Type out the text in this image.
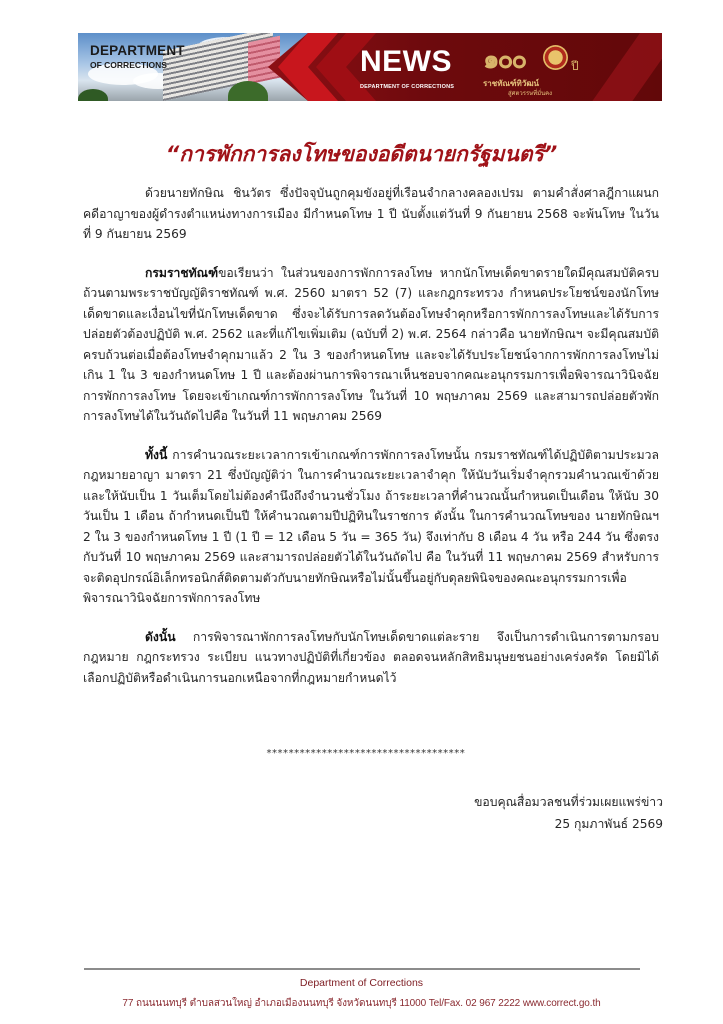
DEPARTMENT
OF CORRECTIONS	NEWS
DEPARTMENT OF CORRECTIONS
๑๐๐	ปี
ราชทัณฑ์ทิวัฒน์
สู่ศตวรรษที่มั่นคง
“การพักการลงโทษของอดีตนายกรัฐมนตรี”

ด้วยนายทักษิณ ชินวัตร ซึ่งปัจจุบันถูกคุมขังอยู่ที่เรือนจำกลางคลองเปรม ตามคำสั่งศาลฎีกาแผนกคดีอาญาของผู้ดำรงตำแหน่งทางการเมือง มีกำหนดโทษ 1 ปี นับตั้งแต่วันที่ 9 กันยายน 2568 จะพ้นโทษ ในวันที่ 9 กันยายน 2569

กรมราชทัณฑ์ขอเรียนว่า ในส่วนของการพักการลงโทษ หากนักโทษเด็ดขาดรายใดมีคุณสมบัติครบถ้วนตามพระราชบัญญัติราชทัณฑ์ พ.ศ. 2560 มาตรา 52 (7) และกฎกระทรวง กำหนดประโยชน์ของนักโทษเด็ดขาดและเงื่อนไขที่นักโทษเด็ดขาด ซึ่งจะได้รับการลดวันต้องโทษจำคุกหรือการพักการลงโทษและได้รับการปล่อยตัวต้องปฏิบัติ พ.ศ. 2562 และที่แก้ไขเพิ่มเติม (ฉบับที่ 2) พ.ศ. 2564 กล่าวคือ นายทักษิณฯ จะมีคุณสมบัติครบถ้วนต่อเมื่อต้องโทษจำคุกมาแล้ว 2 ใน 3 ของกำหนดโทษ และจะได้รับประโยชน์จากการพักการลงโทษไม่เกิน 1 ใน 3 ของกำหนดโทษ 1 ปี และต้องผ่านการพิจารณาเห็นชอบจากคณะอนุกรรมการเพื่อพิจารณาวินิจฉัยการพักการลงโทษ โดยจะเข้าเกณฑ์การพักการลงโทษ ในวันที่ 10 พฤษภาคม 2569 และสามารถปล่อยตัวพักการลงโทษได้ในวันถัดไปคือ ในวันที่ 11 พฤษภาคม 2569

ทั้งนี้ การคำนวณระยะเวลาการเข้าเกณฑ์การพักการลงโทษนั้น กรมราชทัณฑ์ได้ปฏิบัติตามประมวลกฎหมายอาญา มาตรา 21 ซึ่งบัญญัติว่า ในการคำนวณระยะเวลาจำคุก ให้นับวันเริ่มจำคุกรวมคำนวณเข้าด้วยและให้นับเป็น 1 วันเต็มโดยไม่ต้องคำนึงถึงจำนวนชั่วโมง ถ้าระยะเวลาที่คำนวณนั้นกำหนดเป็นเดือน ให้นับ 30 วันเป็น 1 เดือน ถ้ากำหนดเป็นปี ให้คำนวณตามปีปฏิทินในราชการ ดังนั้น ในการคำนวณโทษของ นายทักษิณฯ 2 ใน 3 ของกำหนดโทษ 1 ปี (1 ปี = 12 เดือน 5 วัน = 365 วัน) จึงเท่ากับ 8 เดือน 4 วัน หรือ 244 วัน ซึ่งตรงกับวันที่ 10 พฤษภาคม 2569 และสามารถปล่อยตัวได้ในวันถัดไป คือ ในวันที่ 11 พฤษภาคม 2569 สำหรับการจะติดอุปกรณ์อิเล็กทรอนิกส์ติดตามตัวกับนายทักษิณหรือไม่นั้นขึ้นอยู่กับดุลยพินิจของคณะอนุกรรมการเพื่อพิจารณาวินิจฉัยการพักการลงโทษ

ดังนั้น การพิจารณาพักการลงโทษกับนักโทษเด็ดขาดแต่ละราย จึงเป็นการดำเนินการตามกรอบกฎหมาย กฎกระทรวง ระเบียบ แนวทางปฏิบัติที่เกี่ยวข้อง ตลอดจนหลักสิทธิมนุษยชนอย่างเคร่งครัด โดยมิได้เลือกปฏิบัติหรือดำเนินการนอกเหนือจากที่กฎหมายกำหนดไว้

************************************
ขอบคุณสื่อมวลชนที่ร่วมเผยแพร่ข่าว
25 กุมภาพันธ์ 2569
Department of Corrections
77 ถนนนนทบุรี ตำบลสวนใหญ่ อำเภอเมืองนนทบุรี จังหวัดนนทบุรี 11000 Tel/Fax. 02 967 2222 www.correct.go.th
